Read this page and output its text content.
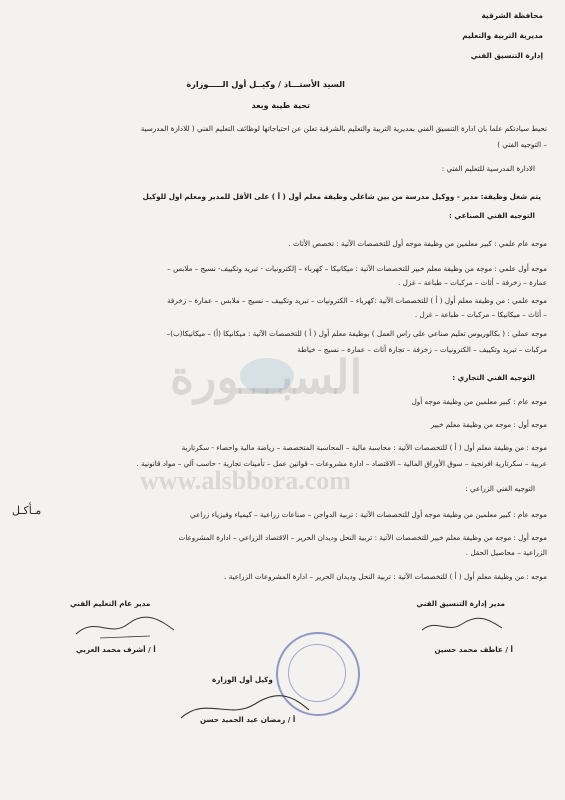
محافظة الشرقية
مديرية التربية والتعليم
إدارة التنسيق الفني
السيد الأستـــاذ / وكيــل أول الـــــوزارة
تحية طيبة وبعد
نحيط سيادتكم علما بان ادارة التنسيق الفني بمديرية التربية والتعليم بالشرقية تعلن عن احتياجاتها لوظائف التعليم الفني ( للادارة المدرسية
– التوجيه الفني )
الادارة المدرسية للتعليم الفني :
يتم شغل وظيفة: مدير - ووكيل مدرسة من بين شاغلي وظيفة معلم أول ( أ ) على الأقل للمدير ومعلم اول للوكيل
التوجيه الفني الصناعي :
موجه عام علمي : كبير معلمين من وظيفة موجه أول للتخصصات الآتية : تخصص الأثاث .
موجه أول علمي : موجه من وظيفة معلم خبير للتخصصات الآتية : ميكانيكا – كهرباء – إلكترونيات - تبريد وتكييف- نسيج – ملابس –
عمارة – زخرفة – أثاث – مركبات – طباعة – غزل .
موجه علمي : من وظيفة معلم أول ( أ ) للتخصصات الآتية :كهرباء – الكترونيات – تبريد وتكييف – نسيج – ملابس – عمارة – زخرفة
– أثاث – ميكانيكا – مركبات – طباعة – غزل .
موجه عملي : ( بكالوريوس تعليم صناعي على راس العمل ) بوظيفة معلم أول ( أ ) للتخصصات الآتية : ميكانيكا (أ) – ميكانيكا(ب)–
مركبات – تبريد وتكييف – الكترونيات – زخرفة – تجارة أثاث – عمارة – نسيج – خياطة
السبـــورة	التوجيه الفني التجاري :
موجه عام : كبير معلمين من وظيفة موجه أول
موجه أول : موجه من وظيفة معلم خبير
موجه : من وظيفة معلم أول ( أ ) للتخصصات الآتية : محاسبة مالية – المحاسبة المتخصصة – رياضة مالية واحصاء - سكرتارية
عربية – سكرتارية افرنجية – سوق الأوراق المالية – الاقتصاد – ادارة مشروعات – قوانين عمل – تأمينات تجارية - حاسب آلي – مواد قانونية .
www.alsbbora.com	التوجيه الفني الزراعي :
موجه عام : كبير معلمين من وظيفة موجه أول للتخصصات الآتية : تربية الدواجن – صناعات زراعية – كيمياء وفيزياء زراعي
مـأكـل
موجه أول : موجه من وظيفة معلم خبير للتخصصات الآتية : تربية النحل وديدان الحرير – الاقتصاد الزراعي – ادارة المشروعات
الزراعية – محاصيل الحقل .
موجه : من وظيفة معلم أول ( أ ) للتخصصات الآتية : تربية النحل وديدان الحرير – ادارة المشروعات الزراعية .
مدير إدارة التنسيق الفني
أ / عاطف محمد حسين
مدير عام التعليم الفني
أ / أشرف محمد العربي
وكيل أول الوزارة
أ / رمضان عبد الحميد حسن
